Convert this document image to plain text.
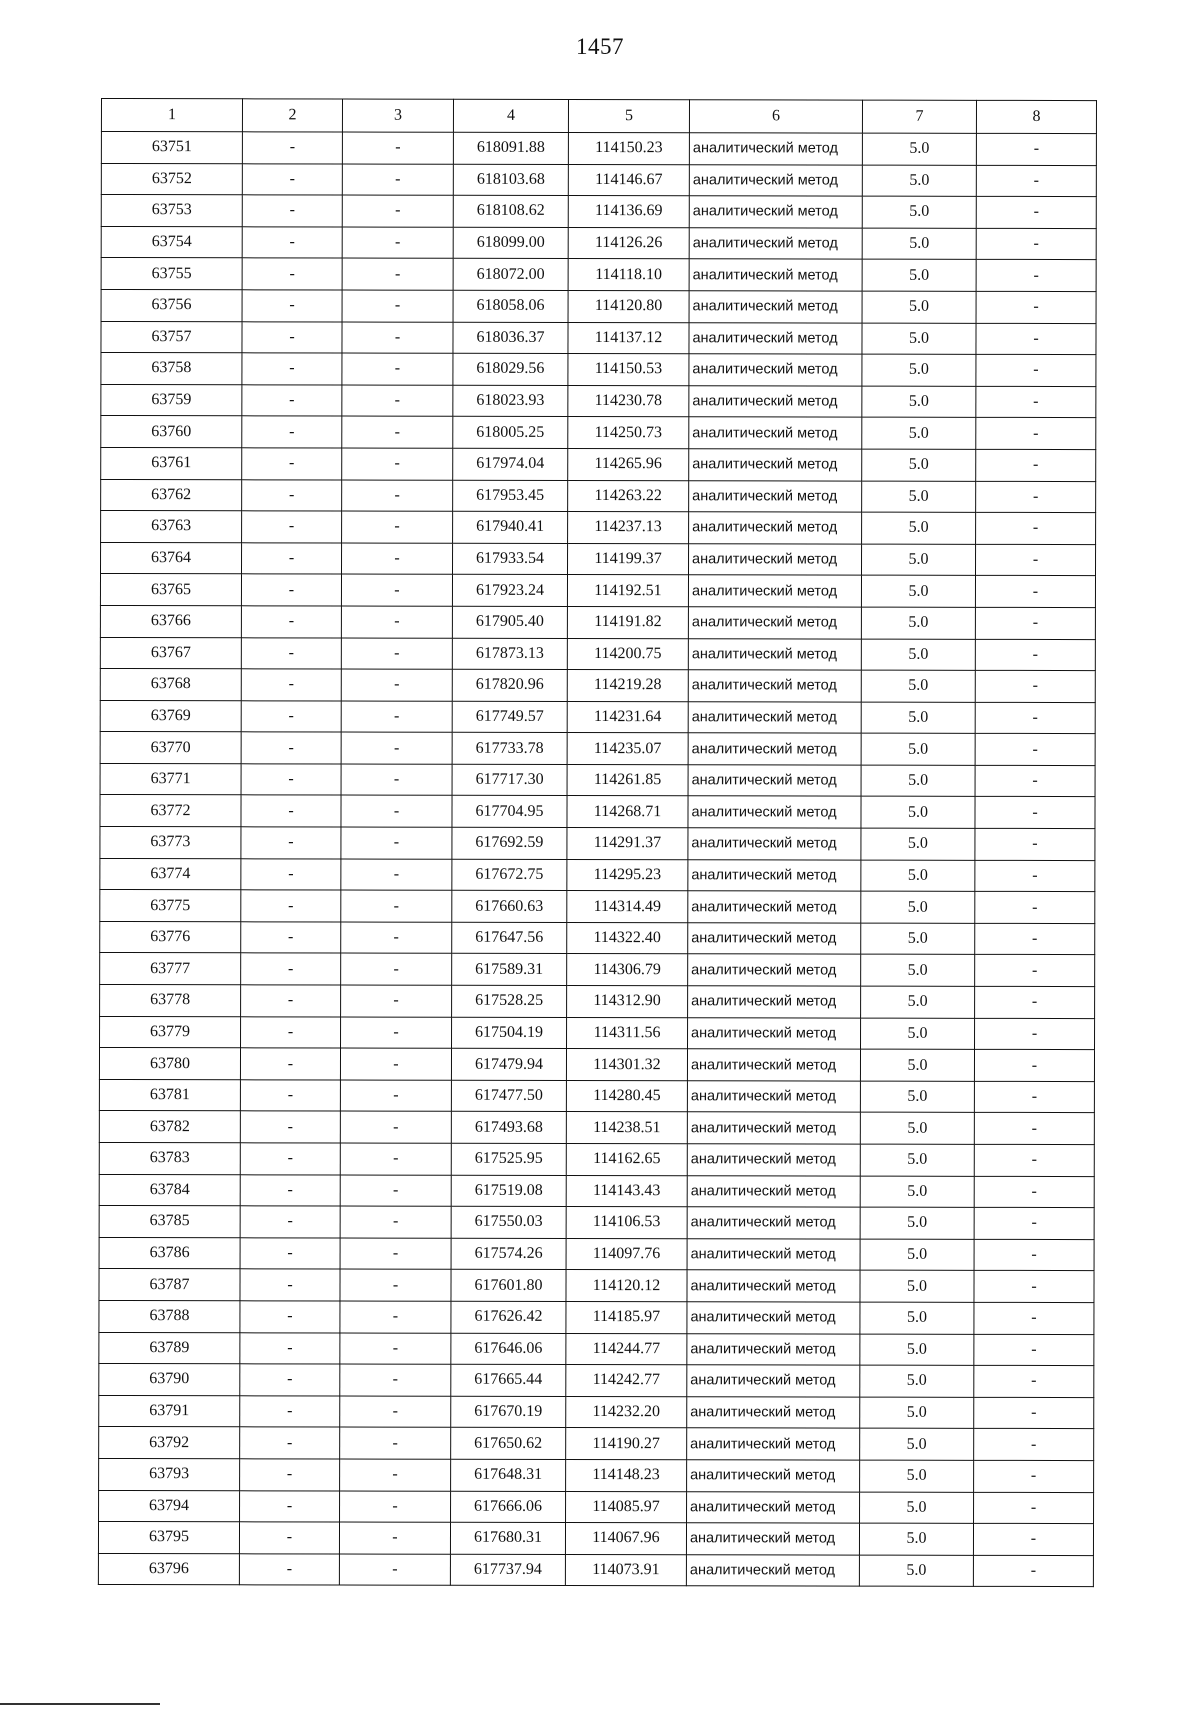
1457
1	2	3	4	5	6	7	8
63751	-	-	618091.88	114150.23	аналитический метод	5.0	-
63752	-	-	618103.68	114146.67	аналитический метод	5.0	-
63753	-	-	618108.62	114136.69	аналитический метод	5.0	-
63754	-	-	618099.00	114126.26	аналитический метод	5.0	-
63755	-	-	618072.00	114118.10	аналитический метод	5.0	-
63756	-	-	618058.06	114120.80	аналитический метод	5.0	-
63757	-	-	618036.37	114137.12	аналитический метод	5.0	-
63758	-	-	618029.56	114150.53	аналитический метод	5.0	-
63759	-	-	618023.93	114230.78	аналитический метод	5.0	-
63760	-	-	618005.25	114250.73	аналитический метод	5.0	-
63761	-	-	617974.04	114265.96	аналитический метод	5.0	-
63762	-	-	617953.45	114263.22	аналитический метод	5.0	-
63763	-	-	617940.41	114237.13	аналитический метод	5.0	-
63764	-	-	617933.54	114199.37	аналитический метод	5.0	-
63765	-	-	617923.24	114192.51	аналитический метод	5.0	-
63766	-	-	617905.40	114191.82	аналитический метод	5.0	-
63767	-	-	617873.13	114200.75	аналитический метод	5.0	-
63768	-	-	617820.96	114219.28	аналитический метод	5.0	-
63769	-	-	617749.57	114231.64	аналитический метод	5.0	-
63770	-	-	617733.78	114235.07	аналитический метод	5.0	-
63771	-	-	617717.30	114261.85	аналитический метод	5.0	-
63772	-	-	617704.95	114268.71	аналитический метод	5.0	-
63773	-	-	617692.59	114291.37	аналитический метод	5.0	-
63774	-	-	617672.75	114295.23	аналитический метод	5.0	-
63775	-	-	617660.63	114314.49	аналитический метод	5.0	-
63776	-	-	617647.56	114322.40	аналитический метод	5.0	-
63777	-	-	617589.31	114306.79	аналитический метод	5.0	-
63778	-	-	617528.25	114312.90	аналитический метод	5.0	-
63779	-	-	617504.19	114311.56	аналитический метод	5.0	-
63780	-	-	617479.94	114301.32	аналитический метод	5.0	-
63781	-	-	617477.50	114280.45	аналитический метод	5.0	-
63782	-	-	617493.68	114238.51	аналитический метод	5.0	-
63783	-	-	617525.95	114162.65	аналитический метод	5.0	-
63784	-	-	617519.08	114143.43	аналитический метод	5.0	-
63785	-	-	617550.03	114106.53	аналитический метод	5.0	-
63786	-	-	617574.26	114097.76	аналитический метод	5.0	-
63787	-	-	617601.80	114120.12	аналитический метод	5.0	-
63788	-	-	617626.42	114185.97	аналитический метод	5.0	-
63789	-	-	617646.06	114244.77	аналитический метод	5.0	-
63790	-	-	617665.44	114242.77	аналитический метод	5.0	-
63791	-	-	617670.19	114232.20	аналитический метод	5.0	-
63792	-	-	617650.62	114190.27	аналитический метод	5.0	-
63793	-	-	617648.31	114148.23	аналитический метод	5.0	-
63794	-	-	617666.06	114085.97	аналитический метод	5.0	-
63795	-	-	617680.31	114067.96	аналитический метод	5.0	-
63796	-	-	617737.94	114073.91	аналитический метод	5.0	-
